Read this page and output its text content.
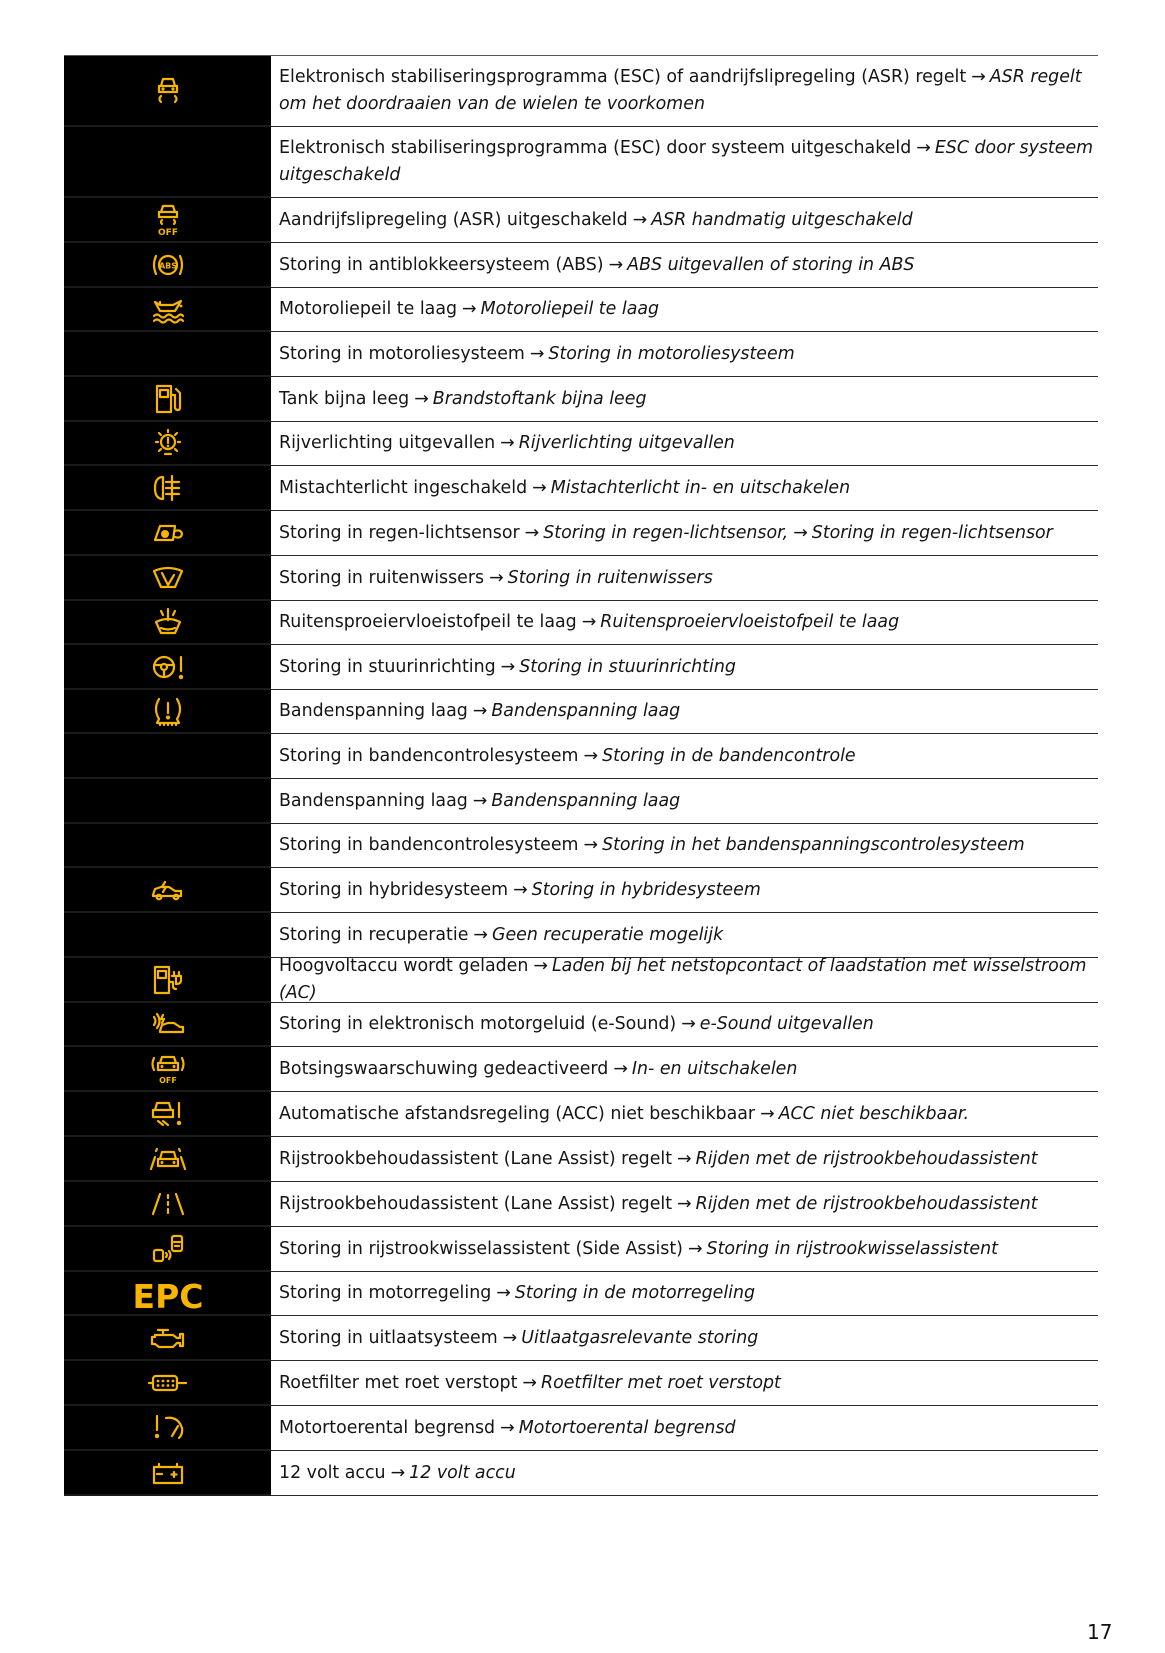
Elektronisch stabiliseringsprogramma (ESC) of aandrijfslipregeling (ASR) regelt → ASR regelt om het doordraaien van de wielen te voorkomen
Elektronisch stabiliseringsprogramma (ESC) door systeem uitgeschakeld → ESC door systeem uitgeschakeld
OFF
Aandrijfslipregeling (ASR) uitgeschakeld → ASR handmatig uitgeschakeld
ABS	Storing in antiblokkeersysteem (ABS) → ABS uitgevallen of storing in ABS
Motoroliepeil te laag → Motoroliepeil te laag
Storing in motoroliesysteem → Storing in motoroliesysteem
Tank bijna leeg → Brandstoftank bijna leeg
Rijverlichting uitgevallen → Rijverlichting uitgevallen
Mistachterlicht ingeschakeld → Mistachterlicht in- en uitschakelen
Storing in regen-lichtsensor → Storing in regen-lichtsensor, → Storing in regen-lichtsensor
Storing in ruitenwissers → Storing in ruitenwissers
Ruitensproeiervloeistofpeil te laag → Ruitensproeiervloeistofpeil te laag
Storing in stuurinrichting → Storing in stuurinrichting
Bandenspanning laag → Bandenspanning laag
Storing in bandencontrolesysteem → Storing in de bandencontrole
Bandenspanning laag → Bandenspanning laag
Storing in bandencontrolesysteem → Storing in het bandenspanningscontrolesysteem
Storing in hybridesysteem → Storing in hybridesysteem
Storing in recuperatie → Geen recuperatie mogelijk
Hoogvoltaccu wordt geladen → Laden bij het netstopcontact of laadstation met wisselstroom (AC)
Storing in elektronisch motorgeluid (e-Sound) → e-Sound uitgevallen
OFF
Botsingswaarschuwing gedeactiveerd → In- en uitschakelen
Automatische afstandsregeling (ACC) niet beschikbaar → ACC niet beschikbaar.
Rijstrookbehoudassistent (Lane Assist) regelt → Rijden met de rijstrookbehoudassistent
Rijstrookbehoudassistent (Lane Assist) regelt → Rijden met de rijstrookbehoudassistent
Storing in rijstrookwisselassistent (Side Assist) → Storing in rijstrookwisselassistent
EPC	Storing in motorregeling → Storing in de motorregeling
Storing in uitlaatsysteem → Uitlaatgasrelevante storing
Roetfilter met roet verstopt → Roetfilter met roet verstopt
Motortoerental begrensd → Motortoerental begrensd
12 volt accu → 12 volt accu
17
